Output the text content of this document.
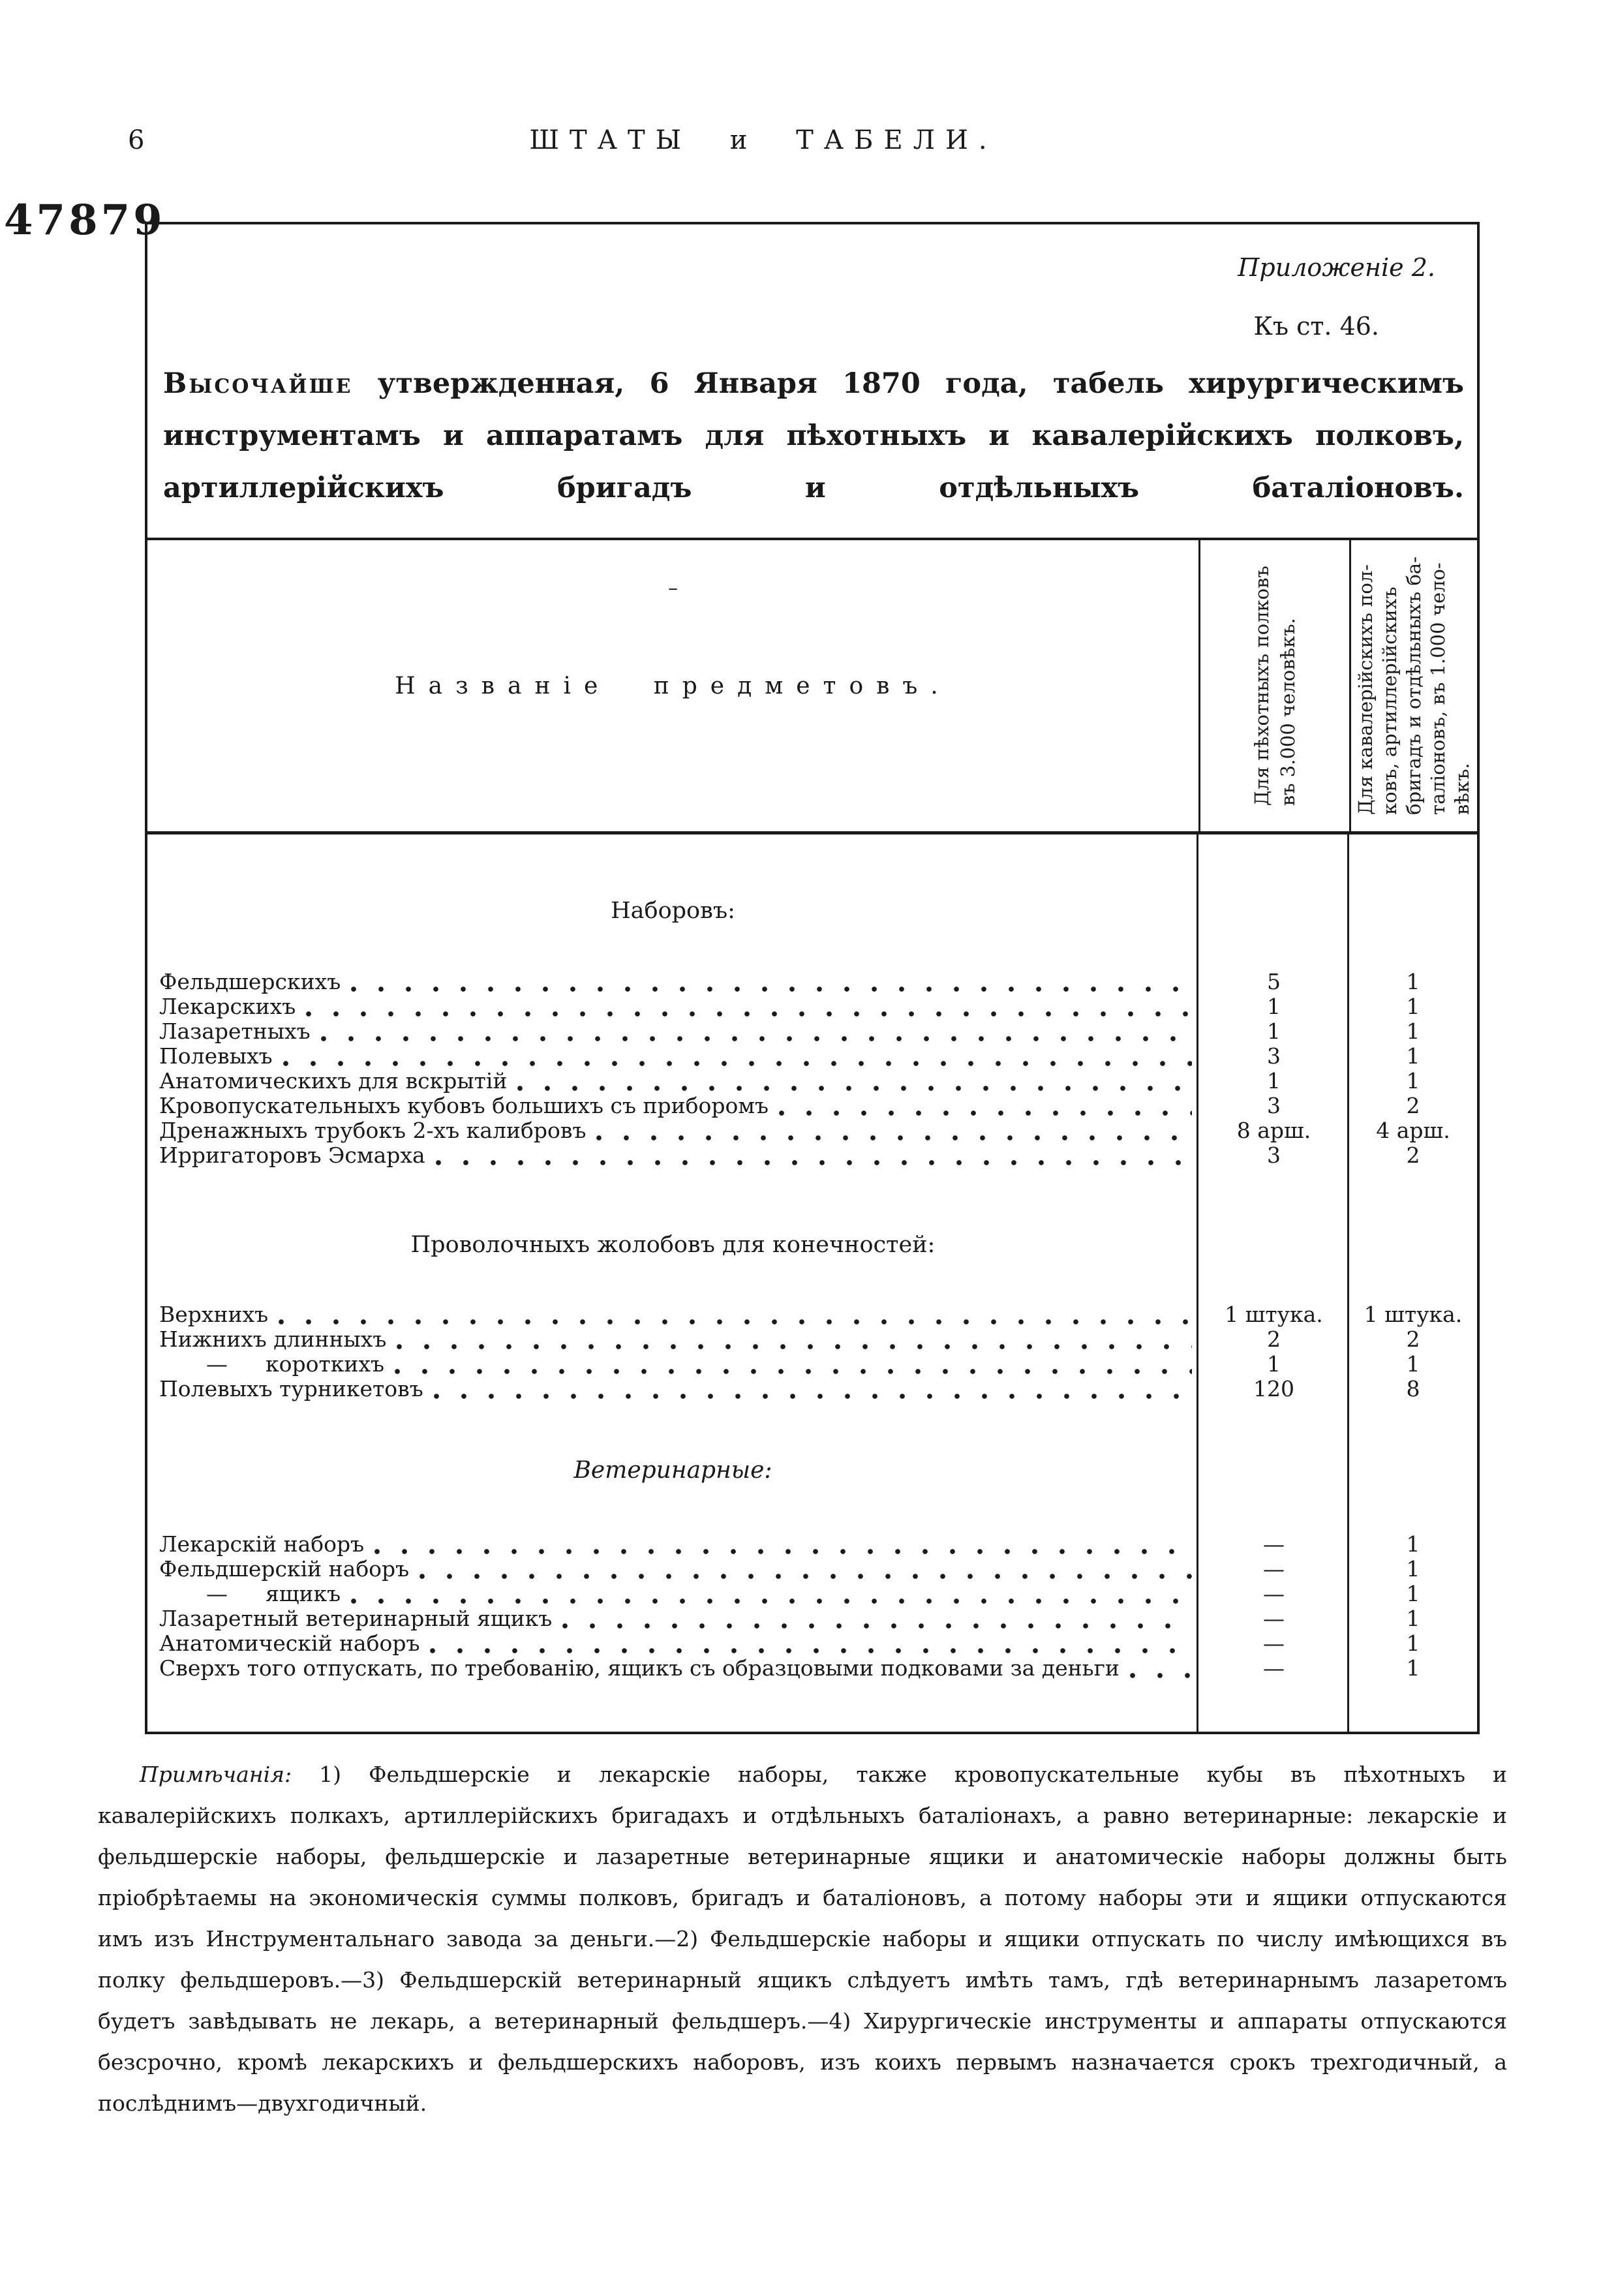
6	ШТАТЫ и ТАБЕЛИ.
47879
Приложеніе 2.
Къ ст. 46.
Высочайше утвержденная, 6 Января 1870 года, табель хирургическимъ инструментамъ и аппаратамъ для пѣхотныхъ и кавалерійскихъ полковъ, артиллерійскихъ бригадъ и отдѣльныхъ баталіоновъ.
–
Названіе предметовъ.	Для пѣхотныхъ полковъ въ 3.000 человѣкъ.	Для кавалерійскихъ пол- ковъ, артиллерійскихъ бригадъ и отдѣльныхъ ба- таліоновъ, въ 1.000 чело- вѣкъ.
Наборовъ:
Фельдшерскихъ	5	1
Лекарскихъ	1	1
Лазаретныхъ	1	1
Полевыхъ	3	1
Анатомическихъ для вскрытій	1	1
Кровопускательныхъ кубовъ большихъ съ приборомъ	3	2
Дренажныхъ трубокъ 2-хъ калибровъ	8 арш.	4 арш.
Ирригаторовъ Эсмарха	3	2
Проволочныхъ жолобовъ для конечностей:
Верхнихъ	1 штука.	1 штука.
Нижнихъ длинныхъ	2	2
— короткихъ	1	1
Полевыхъ турникетовъ	120	8
Ветеринарные:
Лекарскій наборъ	—	1
Фельдшерскій наборъ	—	1
— ящикъ	—	1
Лазаретный ветеринарный ящикъ	—	1
Анатомическій наборъ	—	1
Сверхъ того отпускать, по требованію, ящикъ съ образцовыми подковами за деньги	—	1
Примѣчанія: 1) Фельдшерскіе и лекарскіе наборы, также кровопускательные кубы въ пѣхотныхъ и кавалерійскихъ полкахъ, артиллерійскихъ бригадахъ и отдѣльныхъ баталіонахъ, а равно ветеринарные: лекарскіе и фельдшерскіе наборы, фельдшерскіе и лазаретные ветеринарные ящики и анатомическіе наборы должны быть пріобрѣтаемы на экономическія суммы полковъ, бригадъ и баталіоновъ, а потому наборы эти и ящики отпускаются имъ изъ Инструментальнаго завода за деньги.—2) Фельдшерскіе наборы и ящики отпускать по числу имѣющихся въ полку фельдшеровъ.—3) Фельдшерскій ветеринарный ящикъ слѣдуетъ имѣть тамъ, гдѣ ветеринарнымъ лазаретомъ будетъ завѣдывать не лекарь, а ветеринарный фельдшеръ.—4) Хирургическіе инструменты и аппараты отпускаются безсрочно, кромѣ лекарскихъ и фельдшерскихъ наборовъ, изъ коихъ первымъ назначается срокъ трехгодичный, а послѣднимъ—двухгодичный.
